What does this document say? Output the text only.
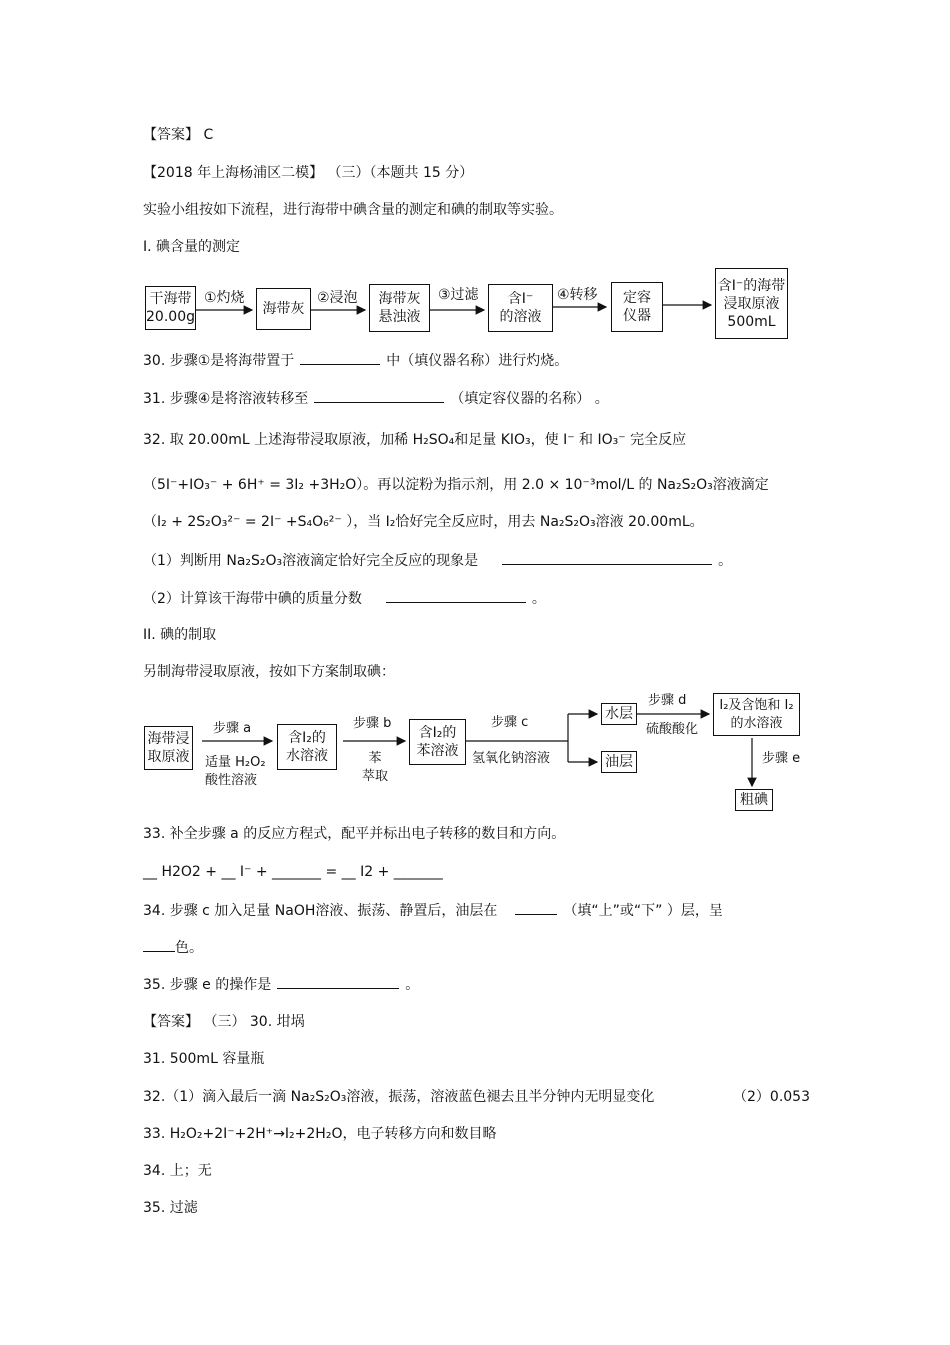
【答案】 C
【2018 年上海杨浦区二模】 （三）（本题共 15 分）
实验小组按如下流程，进行海带中碘含量的测定和碘的制取等实验。
I. 碘含量的测定
干海带
20.00g
①灼烧
海带灰
②浸泡 海带灰
悬浊液
③过滤	含I⁻
的溶液
④转移 定容
仪器
含I⁻的海带
浸取原液
500mL
30. 步骤①是将海带置于	中（填仪器名称）进行灼烧。
31. 步骤④是将溶液转移至	（填定容仪器的名称） 。
32. 取 20.00mL 上述海带浸取原液，加稀 H₂SO₄和足量 KIO₃，使 I⁻ 和 IO₃⁻ 完全反应
（5I⁻+IO₃⁻ + 6H⁺ = 3I₂ +3H₂O）。再以淀粉为指示剂，用 2.0 × 10⁻³mol/L 的 Na₂S₂O₃溶液滴定
（I₂ + 2S₂O₃²⁻ = 2I⁻ +S₄O₆²⁻ ），当 I₂恰好完全反应时，用去 Na₂S₂O₃溶液 20.00mL。
（1）判断用 Na₂S₂O₃溶液滴定恰好完全反应的现象是	。
（2）计算该干海带中碘的质量分数	。
II. 碘的制取
另制海带浸取原液，按如下方案制取碘：
海带浸
取原液
步骤 a
适量 H₂O₂
酸性溶液
含I₂的
水溶液
步骤 b
苯
萃取
含I₂的
苯溶液
步骤 c
氢氧化钠溶液
水层
油层
步骤 d
硫酸酸化
I₂及含饱和 I₂
的水溶液
步骤 e
粗碘
33. 补全步骤 a 的反应方程式，配平并标出电子转移的数目和方向。
__ H2O2 + __ I⁻ + _______ = __ I2 + _______
34. 步骤 c 加入足量 NaOH溶液、振荡、静置后，油层在	（填“上”或“下” ）层，呈
色。
35. 步骤 e 的操作是	。
【答案】 （三） 30. 坩埚
31. 500mL 容量瓶
32.（1）滴入最后一滴 Na₂S₂O₃溶液，振荡，溶液蓝色褪去且半分钟内无明显变化	（2）0.053
33. H₂O₂+2I⁻+2H⁺→I₂+2H₂O，电子转移方向和数目略
34. 上；无
35. 过滤
